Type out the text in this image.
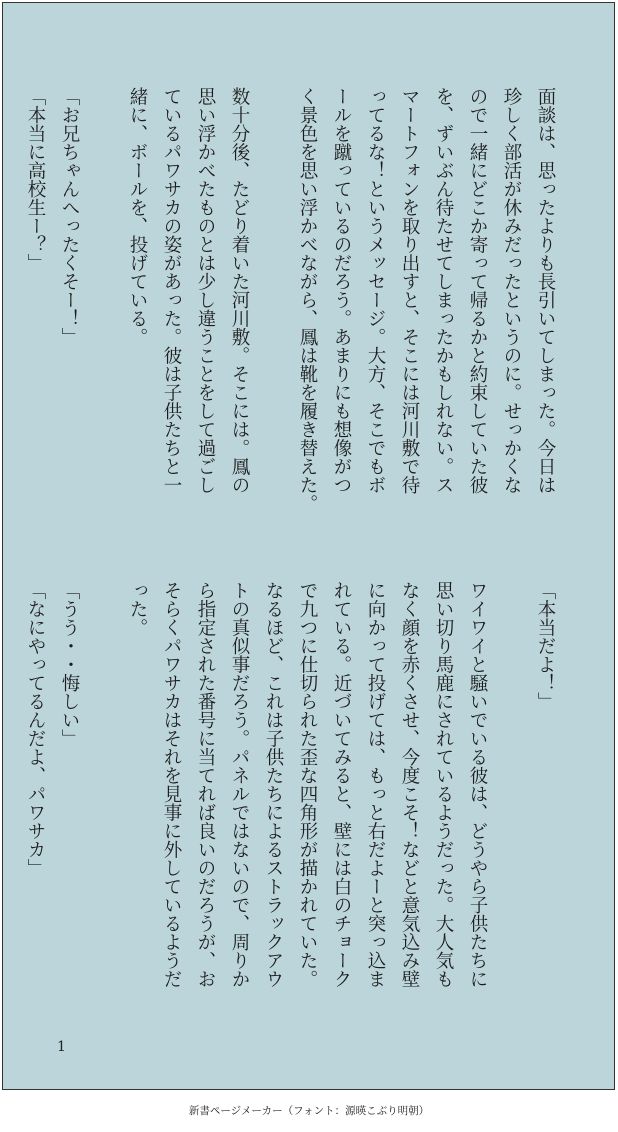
面談は、思ったよりも長引いてしまった。今日は
珍しく部活が休みだったというのに。せっかくな
ので一緒にどこか寄って帰るかと約束していた彼
を、ずいぶん待たせてしまったかもしれない。ス
マートフォンを取り出すと、そこには河川敷で待
ってるな！というメッセージ。大方、そこでもボ
ールを蹴っているのだろう。あまりにも想像がつ
く景色を思い浮かべながら、鳳は靴を履き替えた。

数十分後、たどり着いた河川敷。そこには。鳳の
思い浮かべたものとは少し違うことをして過ごし
ているパワサカの姿があった。彼は子供たちと一
緒に、ボールを、投げている。

「お兄ちゃんへったくそー！」
「本当に高校生ー？」
「本当だよ！」

ワイワイと騒いでいる彼は、どうやら子供たちに
思い切り馬鹿にされているようだった。大人気も
なく顔を赤くさせ、今度こそ！などと意気込み壁
に向かって投げては、もっと右だよーと突っ込ま
れている。近づいてみると、壁には白のチョーク
で九つに仕切られた歪な四角形が描かれていた。
なるほど、これは子供たちによるストラックアウ
トの真似事だろう。パネルではないので、周りか
ら指定された番号に当てれば良いのだろうが、お
そらくパワサカはそれを見事に外しているようだ
った。

「うう・・悔しい」
「なにやってるんだよ、パワサカ」
1
新書ページメーカー（フォント：源暎こぶり明朝）
